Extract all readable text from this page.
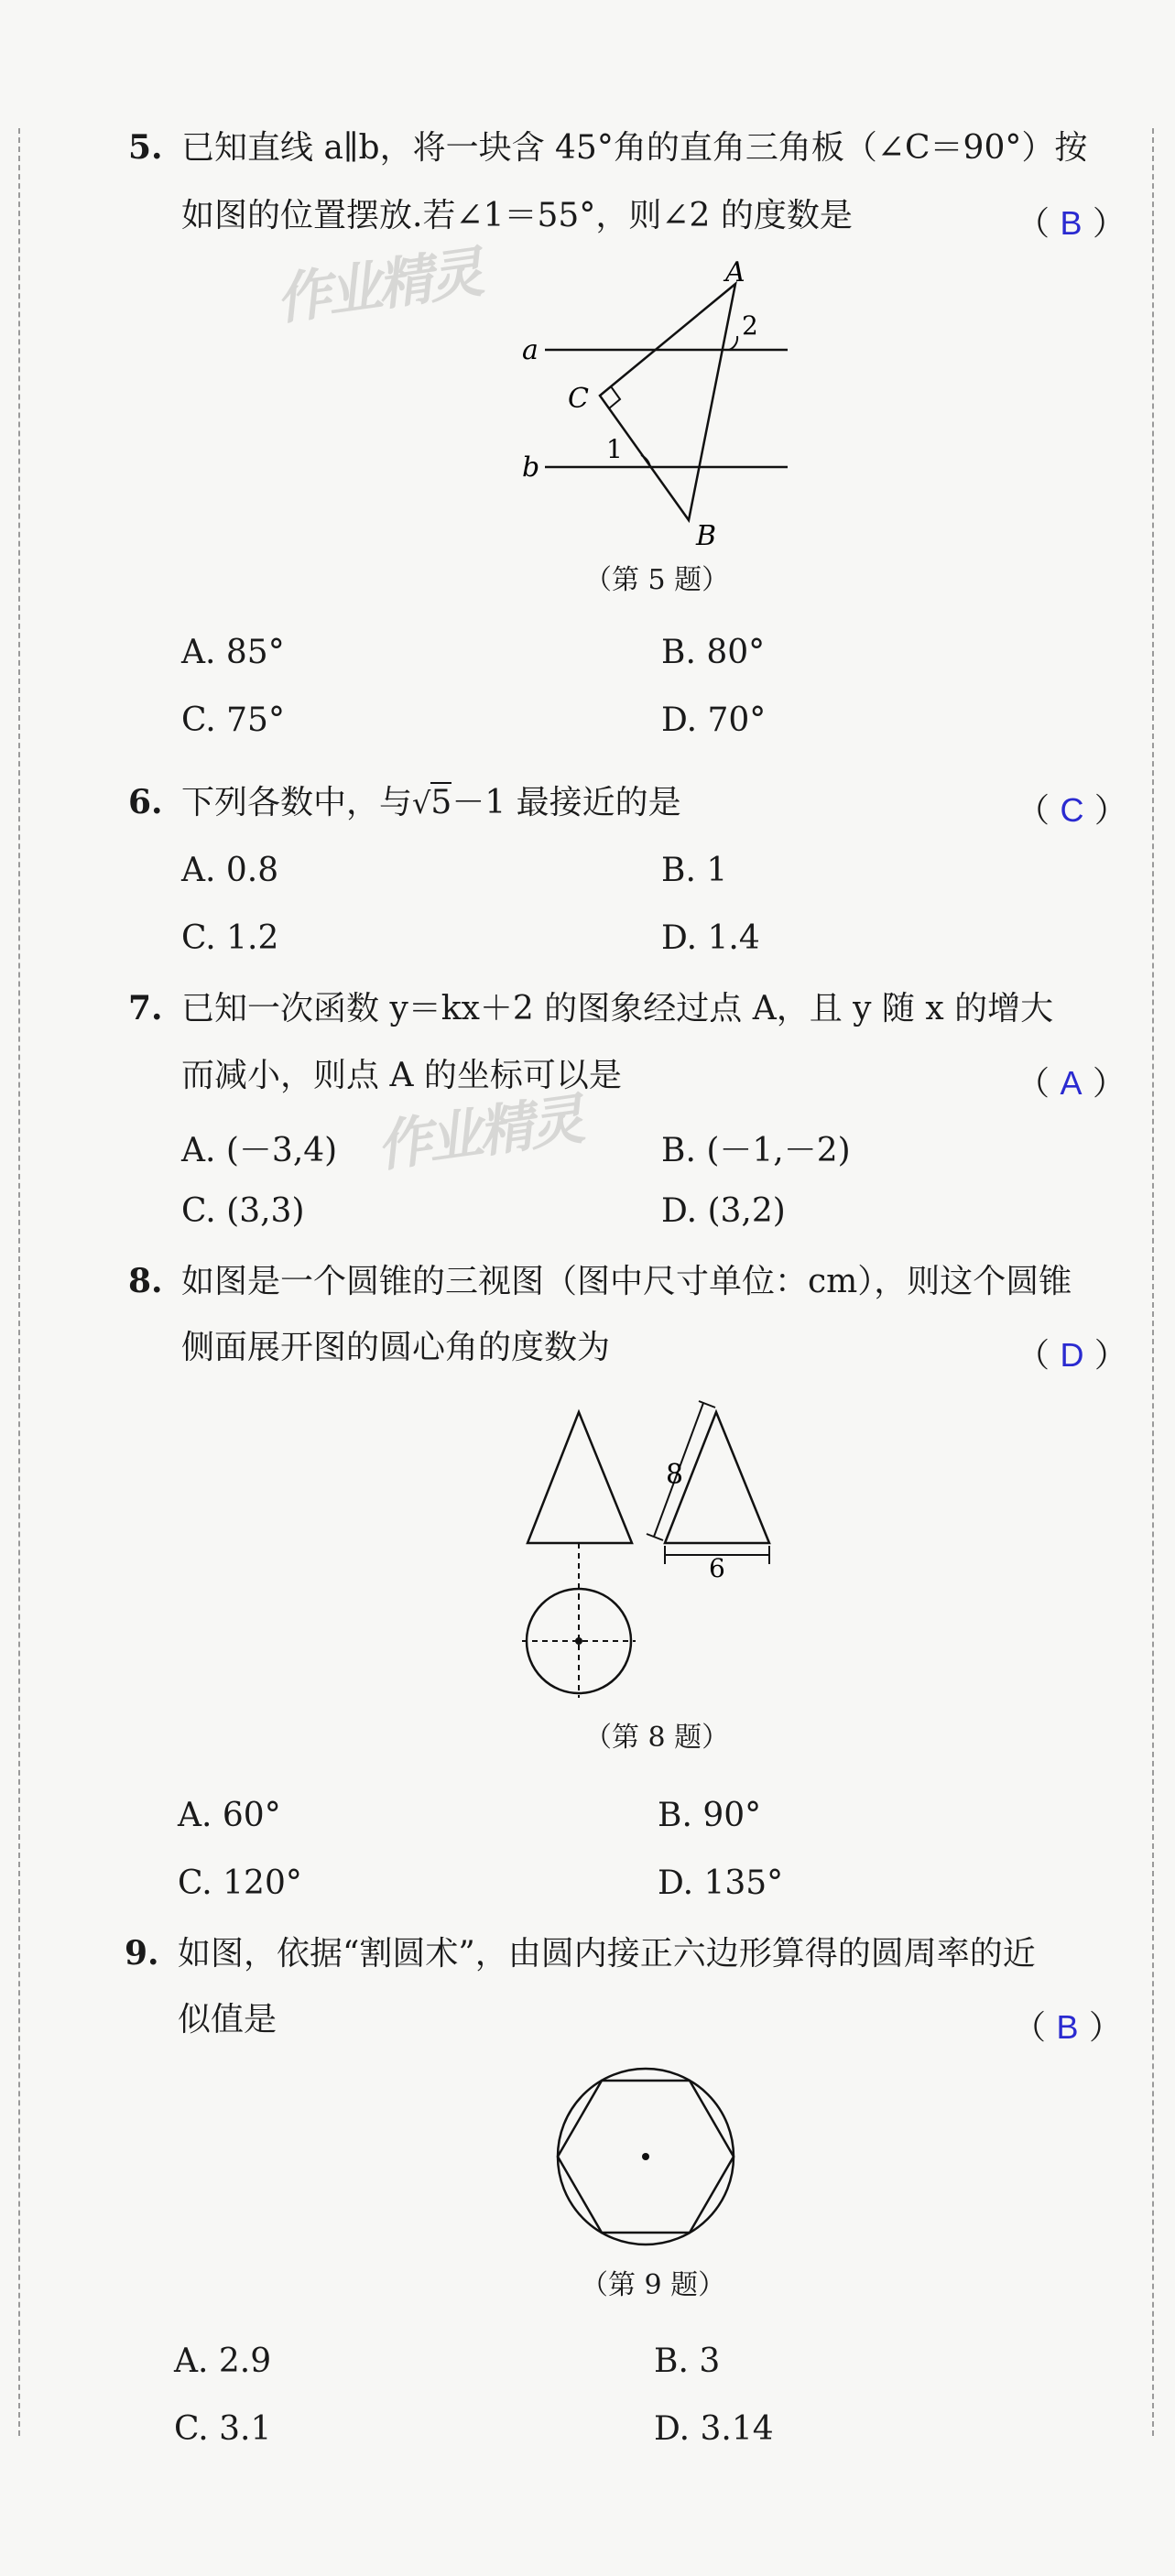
作业精灵
作业精灵
5. 已知直线 a∥b，将一块含 45°角的直角三角板（∠C＝90°）按
如图的位置摆放.若∠1＝55°，则∠2 的度数是	（ B ）
A
B
C
a
b
1
2
（第 5 题）
A. 85°	B. 80°
C. 75°	D. 70°
6. 下列各数中，与√5－1 最接近的是	（ C ）
A. 0.8	B. 1
C. 1.2	D. 1.4
7. 已知一次函数 y＝kx＋2 的图象经过点 A，且 y 随 x 的增大
而减小，则点 A 的坐标可以是	（ A ）
A. (－3,4)	B. (－1,－2)
C. (3,3)	D. (3,2)
8. 如图是一个圆锥的三视图（图中尺寸单位：cm），则这个圆锥
侧面展开图的圆心角的度数为	（ D ）
8
6
（第 8 题）
A. 60°	B. 90°
C. 120°	D. 135°
9. 如图，依据“割圆术”，由圆内接正六边形算得的圆周率的近
似值是	（ B ）
（第 9 题）
A. 2.9	B. 3
C. 3.1	D. 3.14
